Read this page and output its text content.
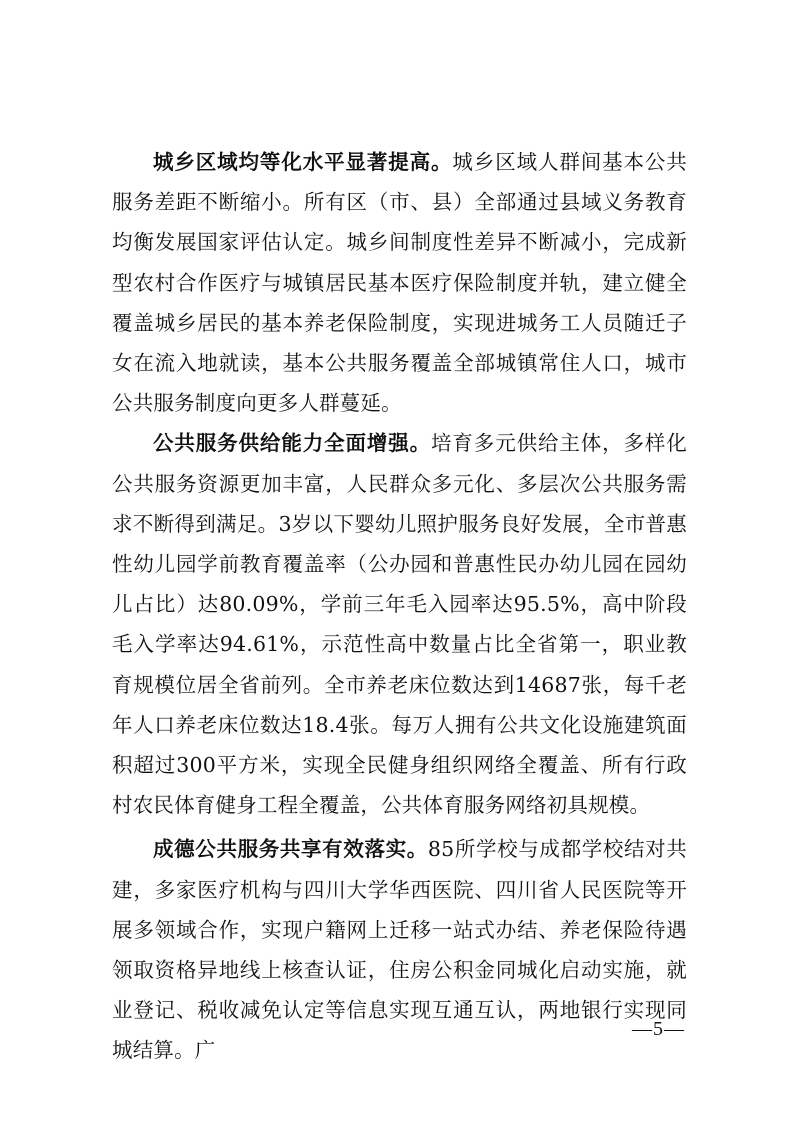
城乡区域均等化水平显著提高。城乡区域人群间基本公共服务差距不断缩小。所有区（市、县）全部通过县域义务教育均衡发展国家评估认定。城乡间制度性差异不断减小，完成新型农村合作医疗与城镇居民基本医疗保险制度并轨，建立健全覆盖城乡居民的基本养老保险制度，实现进城务工人员随迁子女在流入地就读，基本公共服务覆盖全部城镇常住人口，城市公共服务制度向更多人群蔓延。

公共服务供给能力全面增强。培育多元供给主体，多样化公共服务资源更加丰富，人民群众多元化、多层次公共服务需求不断得到满足。3岁以下婴幼儿照护服务良好发展，全市普惠性幼儿园学前教育覆盖率（公办园和普惠性民办幼儿园在园幼儿占比）达80.09%，学前三年毛入园率达95.5%，高中阶段毛入学率达94.61%，示范性高中数量占比全省第一，职业教育规模位居全省前列。全市养老床位数达到14687张，每千老年人口养老床位数达18.4张。每万人拥有公共文化设施建筑面积超过300平方米，实现全民健身组织网络全覆盖、所有行政村农民体育健身工程全覆盖，公共体育服务网络初具规模。

成德公共服务共享有效落实。85所学校与成都学校结对共建，多家医疗机构与四川大学华西医院、四川省人民医院等开展多领域合作，实现户籍网上迁移一站式办结、养老保险待遇领取资格异地线上核查认证，住房公积金同城化启动实施，就业登记、税收减免认定等信息实现互通互认，两地银行实现同城结算。广

—5—
